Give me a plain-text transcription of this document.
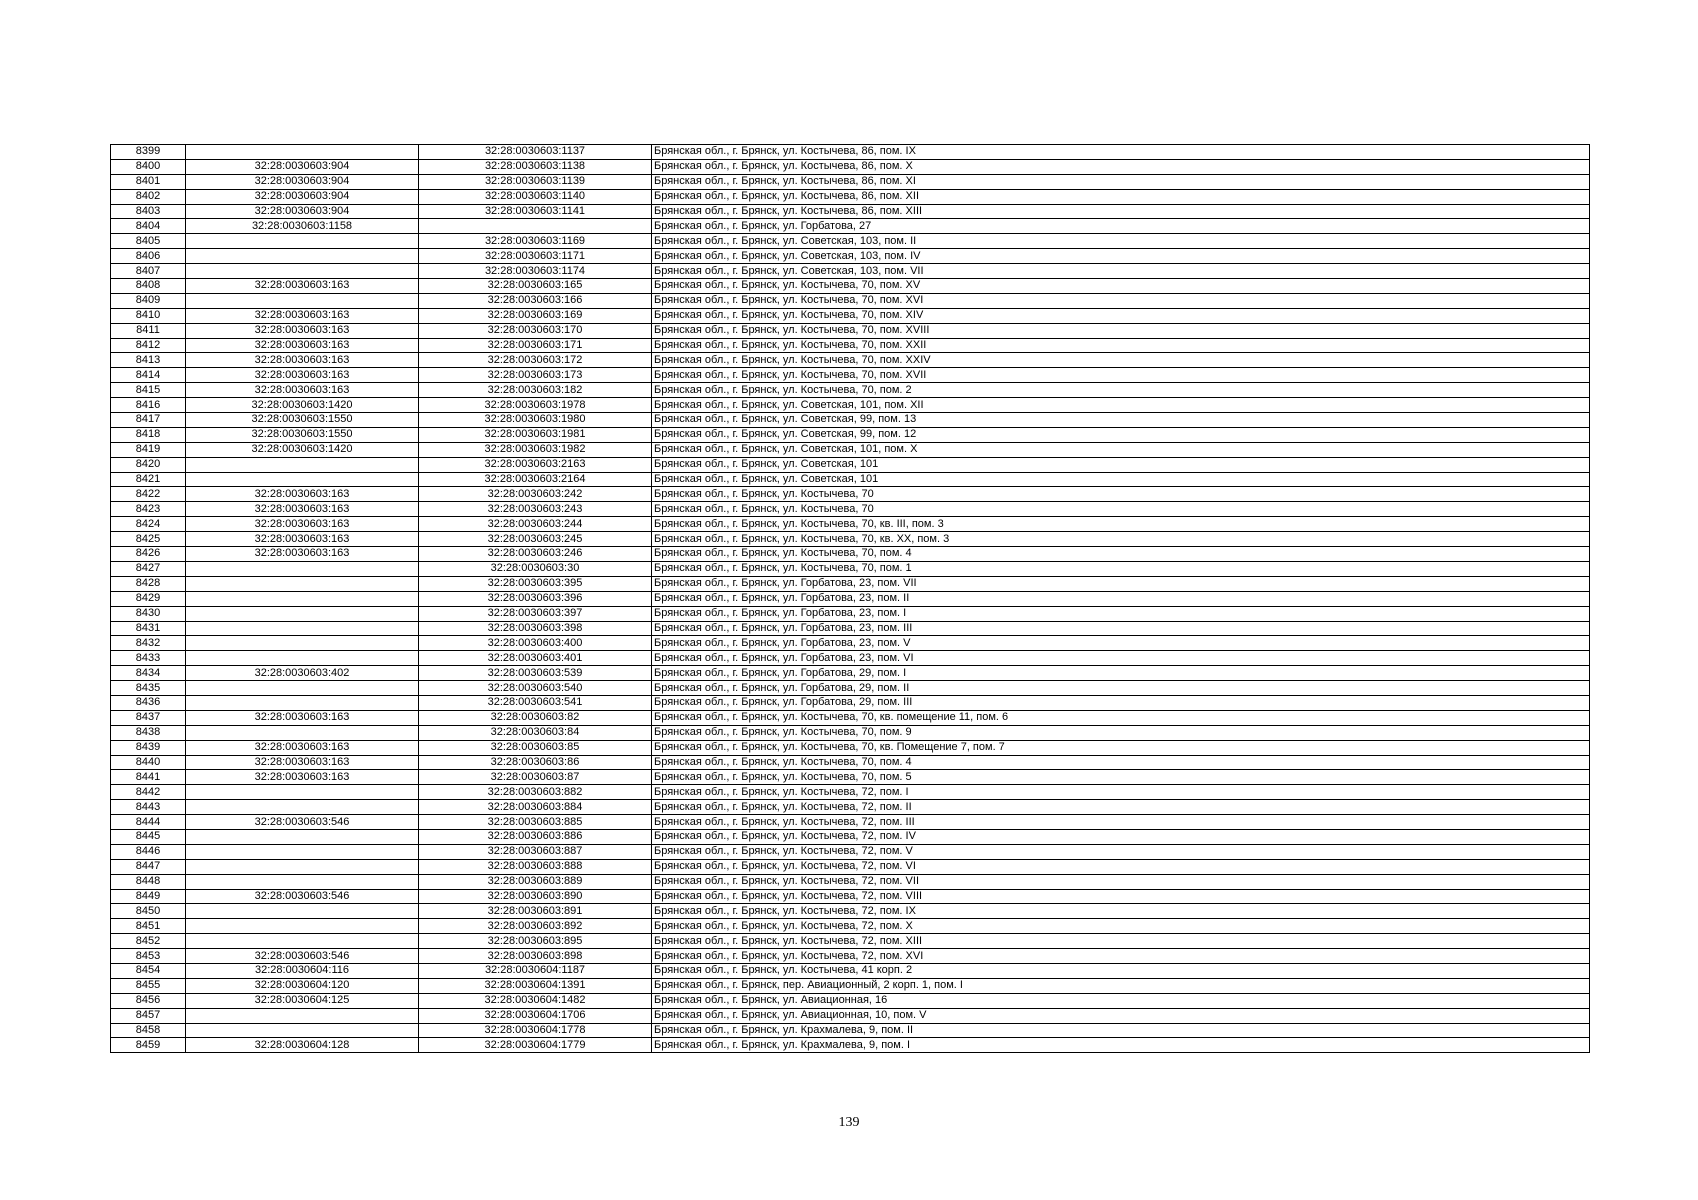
8399		32:28:0030603:1137	Брянская обл., г. Брянск, ул. Костычева, 86, пом. IX
8400	32:28:0030603:904	32:28:0030603:1138	Брянская обл., г. Брянск, ул. Костычева, 86, пом. X
8401	32:28:0030603:904	32:28:0030603:1139	Брянская обл., г. Брянск, ул. Костычева, 86, пом. XI
8402	32:28:0030603:904	32:28:0030603:1140	Брянская обл., г. Брянск, ул. Костычева, 86, пом. XII
8403	32:28:0030603:904	32:28:0030603:1141	Брянская обл., г. Брянск, ул. Костычева, 86, пом. XIII
8404	32:28:0030603:1158		Брянская обл., г. Брянск, ул. Горбатова, 27
8405		32:28:0030603:1169	Брянская обл., г. Брянск, ул. Советская, 103, пом. II
8406		32:28:0030603:1171	Брянская обл., г. Брянск, ул. Советская, 103, пом. IV
8407		32:28:0030603:1174	Брянская обл., г. Брянск, ул. Советская, 103, пом. VII
8408	32:28:0030603:163	32:28:0030603:165	Брянская обл., г. Брянск, ул. Костычева, 70, пом. XV
8409		32:28:0030603:166	Брянская обл., г. Брянск, ул. Костычева, 70, пом. XVI
8410	32:28:0030603:163	32:28:0030603:169	Брянская обл., г. Брянск, ул. Костычева, 70, пом. XIV
8411	32:28:0030603:163	32:28:0030603:170	Брянская обл., г. Брянск, ул. Костычева, 70, пом. XVIII
8412	32:28:0030603:163	32:28:0030603:171	Брянская обл., г. Брянск, ул. Костычева, 70, пом. XXII
8413	32:28:0030603:163	32:28:0030603:172	Брянская обл., г. Брянск, ул. Костычева, 70, пом. XXIV
8414	32:28:0030603:163	32:28:0030603:173	Брянская обл., г. Брянск, ул. Костычева, 70, пом. XVII
8415	32:28:0030603:163	32:28:0030603:182	Брянская обл., г. Брянск, ул. Костычева, 70, пом. 2
8416	32:28:0030603:1420	32:28:0030603:1978	Брянская обл., г. Брянск, ул. Советская, 101, пом. XII
8417	32:28:0030603:1550	32:28:0030603:1980	Брянская обл., г. Брянск, ул. Советская, 99, пом. 13
8418	32:28:0030603:1550	32:28:0030603:1981	Брянская обл., г. Брянск, ул. Советская, 99, пом. 12
8419	32:28:0030603:1420	32:28:0030603:1982	Брянская обл., г. Брянск, ул. Советская, 101, пом. X
8420		32:28:0030603:2163	Брянская обл., г. Брянск, ул. Советская, 101
8421		32:28:0030603:2164	Брянская обл., г. Брянск, ул. Советская, 101
8422	32:28:0030603:163	32:28:0030603:242	Брянская обл., г. Брянск, ул. Костычева, 70
8423	32:28:0030603:163	32:28:0030603:243	Брянская обл., г. Брянск, ул. Костычева, 70
8424	32:28:0030603:163	32:28:0030603:244	Брянская обл., г. Брянск, ул. Костычева, 70, кв. III, пом. 3
8425	32:28:0030603:163	32:28:0030603:245	Брянская обл., г. Брянск, ул. Костычева, 70, кв. XX, пом. 3
8426	32:28:0030603:163	32:28:0030603:246	Брянская обл., г. Брянск, ул. Костычева, 70, пом. 4
8427		32:28:0030603:30	Брянская обл., г. Брянск, ул. Костычева, 70, пом. 1
8428		32:28:0030603:395	Брянская обл., г. Брянск, ул. Горбатова, 23, пом. VII
8429		32:28:0030603:396	Брянская обл., г. Брянск, ул. Горбатова, 23, пом. II
8430		32:28:0030603:397	Брянская обл., г. Брянск, ул. Горбатова, 23, пом. I
8431		32:28:0030603:398	Брянская обл., г. Брянск, ул. Горбатова, 23, пом. III
8432		32:28:0030603:400	Брянская обл., г. Брянск, ул. Горбатова, 23, пом. V
8433		32:28:0030603:401	Брянская обл., г. Брянск, ул. Горбатова, 23, пом. VI
8434	32:28:0030603:402	32:28:0030603:539	Брянская обл., г. Брянск, ул. Горбатова, 29, пом. I
8435		32:28:0030603:540	Брянская обл., г. Брянск, ул. Горбатова, 29, пом. II
8436		32:28:0030603:541	Брянская обл., г. Брянск, ул. Горбатова, 29, пом. III
8437	32:28:0030603:163	32:28:0030603:82	Брянская обл., г. Брянск, ул. Костычева, 70, кв. помещение 11, пом. 6
8438		32:28:0030603:84	Брянская обл., г. Брянск, ул. Костычева, 70, пом. 9
8439	32:28:0030603:163	32:28:0030603:85	Брянская обл., г. Брянск, ул. Костычева, 70, кв. Помещение 7, пом. 7
8440	32:28:0030603:163	32:28:0030603:86	Брянская обл., г. Брянск, ул. Костычева, 70, пом. 4
8441	32:28:0030603:163	32:28:0030603:87	Брянская обл., г. Брянск, ул. Костычева, 70, пом. 5
8442		32:28:0030603:882	Брянская обл., г. Брянск, ул. Костычева, 72, пом. I
8443		32:28:0030603:884	Брянская обл., г. Брянск, ул. Костычева, 72, пом. II
8444	32:28:0030603:546	32:28:0030603:885	Брянская обл., г. Брянск, ул. Костычева, 72, пом. III
8445		32:28:0030603:886	Брянская обл., г. Брянск, ул. Костычева, 72, пом. IV
8446		32:28:0030603:887	Брянская обл., г. Брянск, ул. Костычева, 72, пом. V
8447		32:28:0030603:888	Брянская обл., г. Брянск, ул. Костычева, 72, пом. VI
8448		32:28:0030603:889	Брянская обл., г. Брянск, ул. Костычева, 72, пом. VII
8449	32:28:0030603:546	32:28:0030603:890	Брянская обл., г. Брянск, ул. Костычева, 72, пом. VIII
8450		32:28:0030603:891	Брянская обл., г. Брянск, ул. Костычева, 72, пом. IX
8451		32:28:0030603:892	Брянская обл., г. Брянск, ул. Костычева, 72, пом. X
8452		32:28:0030603:895	Брянская обл., г. Брянск, ул. Костычева, 72, пом. XIII
8453	32:28:0030603:546	32:28:0030603:898	Брянская обл., г. Брянск, ул. Костычева, 72, пом. XVI
8454	32:28:0030604:116	32:28:0030604:1187	Брянская обл., г. Брянск, ул. Костычева, 41 корп. 2
8455	32:28:0030604:120	32:28:0030604:1391	Брянская обл., г. Брянск, пер. Авиационный, 2 корп. 1, пом. I
8456	32:28:0030604:125	32:28:0030604:1482	Брянская обл., г. Брянск, ул. Авиационная, 16
8457		32:28:0030604:1706	Брянская обл., г. Брянск, ул. Авиационная, 10, пом. V
8458		32:28:0030604:1778	Брянская обл., г. Брянск, ул. Крахмалева, 9, пом. II
8459	32:28:0030604:128	32:28:0030604:1779	Брянская обл., г. Брянск, ул. Крахмалева, 9, пом. I
139
